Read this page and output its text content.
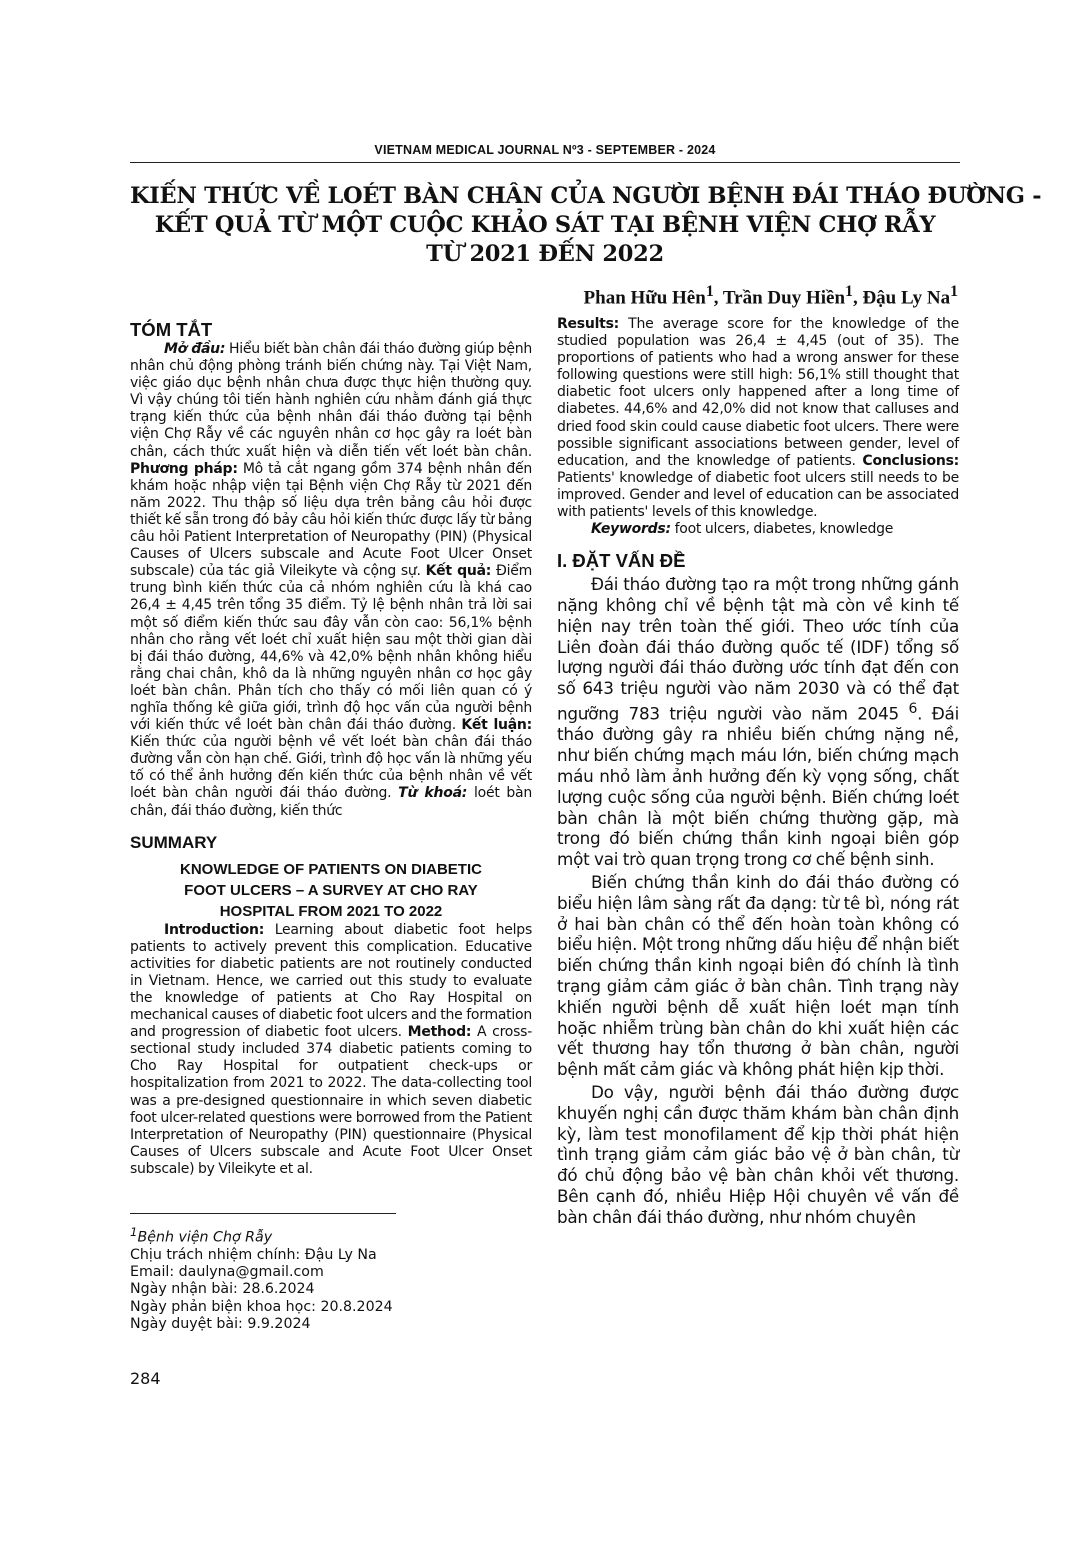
VIETNAM MEDICAL JOURNAL Nº3 - SEPTEMBER - 2024
KIẾN THỨC VỀ LOÉT BÀN CHÂN CỦA NGƯỜI BỆNH ĐÁI THÁO ĐƯỜNG -
KẾT QUẢ TỪ MỘT CUỘC KHẢO SÁT TẠI BỆNH VIỆN CHỢ RẪY
TỪ 2021 ĐẾN 2022
Phan Hữu Hên$^1$, Trần Duy Hiền$^1$, Đậu Ly Na$^1$
TÓM TẮT

Mở đầu: Hiểu biết bàn chân đái tháo đường giúp bệnh nhân chủ động phòng tránh biến chứng này. Tại Việt Nam, việc giáo dục bệnh nhân chưa được thực hiện thường quy. Vì vậy chúng tôi tiến hành nghiên cứu nhằm đánh giá thực trạng kiến thức của bệnh nhân đái tháo đường tại bệnh viện Chợ Rẫy về các nguyên nhân cơ học gây ra loét bàn chân, cách thức xuất hiện và diễn tiến vết loét bàn chân. Phương pháp: Mô tả cắt ngang gồm 374 bệnh nhân đến khám hoặc nhập viện tại Bệnh viện Chợ Rẫy từ 2021 đến năm 2022. Thu thập số liệu dựa trên bảng câu hỏi được thiết kế sẵn trong đó bảy câu hỏi kiến thức được lấy từ bảng câu hỏi Patient Interpretation of Neuropathy (PIN) (Physical Causes of Ulcers subscale and Acute Foot Ulcer Onset subscale) của tác giả Vileikyte và cộng sự. Kết quả: Điểm trung bình kiến thức của cả nhóm nghiên cứu là khá cao 26,4 ± 4,45 trên tổng 35 điểm. Tỷ lệ bệnh nhân trả lời sai một số điểm kiến thức sau đây vẫn còn cao: 56,1% bệnh nhân cho rằng vết loét chỉ xuất hiện sau một thời gian dài bị đái tháo đường, 44,6% và 42,0% bệnh nhân không hiểu rằng chai chân, khô da là những nguyên nhân cơ học gây loét bàn chân. Phân tích cho thấy có mối liên quan có ý nghĩa thống kê giữa giới, trình độ học vấn của người bệnh với kiến thức về loét bàn chân đái tháo đường. Kết luận: Kiến thức của người bệnh về vết loét bàn chân đái tháo đường vẫn còn hạn chế. Giới, trình độ học vấn là những yếu tố có thể ảnh hưởng đến kiến thức của bệnh nhân về vết loét bàn chân người đái tháo đường. Từ khoá: loét bàn chân, đái tháo đường, kiến thức

SUMMARY

KNOWLEDGE OF PATIENTS ON DIABETIC

FOOT ULCERS – A SURVEY AT CHO RAY

HOSPITAL FROM 2021 TO 2022

Introduction: Learning about diabetic foot helps patients to actively prevent this complication. Educative activities for diabetic patients are not routinely conducted in Vietnam. Hence, we carried out this study to evaluate the knowledge of patients at Cho Ray Hospital on mechanical causes of diabetic foot ulcers and the formation and progression of diabetic foot ulcers. Method: A cross-sectional study included 374 diabetic patients coming to Cho Ray Hospital for outpatient check-ups or hospitalization from 2021 to 2022. The data-collecting tool was a pre-designed questionnaire in which seven diabetic foot ulcer-related questions were borrowed from the Patient Interpretation of Neuropathy (PIN) questionnaire (Physical Causes of Ulcers subscale and Acute Foot Ulcer Onset subscale) by Vileikyte et al.

Results: The average score for the knowledge of the studied population was 26,4 ± 4,45 (out of 35). The proportions of patients who had a wrong answer for these following questions were still high: 56,1% still thought that diabetic foot ulcers only happened after a long time of diabetes. 44,6% and 42,0% did not know that calluses and dried food skin could cause diabetic foot ulcers. There were possible significant associations between gender, level of education, and the knowledge of patients. Conclusions: Patients' knowledge of diabetic foot ulcers still needs to be improved. Gender and level of education can be associated with patients' levels of this knowledge.

Keywords: foot ulcers, diabetes, knowledge

I. ĐẶT VẤN ĐỀ

Đái tháo đường tạo ra một trong những gánh nặng không chỉ về bệnh tật mà còn về kinh tế hiện nay trên toàn thế giới. Theo ước tính của Liên đoàn đái tháo đường quốc tế (IDF) tổng số lượng người đái tháo đường ước tính đạt đến con số 643 triệu người vào năm 2030 và có thể đạt ngưỡng 783 triệu người vào năm 2045 $^6$. Đái tháo đường gây ra nhiều biến chứng nặng nề, như biến chứng mạch máu lớn, biến chứng mạch máu nhỏ làm ảnh hưởng đến kỳ vọng sống, chất lượng cuộc sống của người bệnh. Biến chứng loét bàn chân là một biến chứng thường gặp, mà trong đó biến chứng thần kinh ngoại biên góp một vai trò quan trọng trong cơ chế bệnh sinh.

Biến chứng thần kinh do đái tháo đường có biểu hiện lâm sàng rất đa dạng: từ tê bì, nóng rát ở hai bàn chân có thể đến hoàn toàn không có biểu hiện. Một trong những dấu hiệu để nhận biết biến chứng thần kinh ngoại biên đó chính là tình trạng giảm cảm giác ở bàn chân. Tình trạng này khiến người bệnh dễ xuất hiện loét mạn tính hoặc nhiễm trùng bàn chân do khi xuất hiện các vết thương hay tổn thương ở bàn chân, người bệnh mất cảm giác và không phát hiện kịp thời.

Do vậy, người bệnh đái tháo đường được khuyến nghị cần được thăm khám bàn chân định kỳ, làm test monofilament để kịp thời phát hiện tình trạng giảm cảm giác bảo vệ ở bàn chân, từ đó chủ động bảo vệ bàn chân khỏi vết thương. Bên cạnh đó, nhiều Hiệp Hội chuyên về vấn đề bàn chân đái tháo đường, như nhóm chuyên

$^1$Bệnh viện Chợ Rẫy
Chịu trách nhiệm chính: Đậu Ly Na
Email: daulyna@gmail.com
Ngày nhận bài: 28.6.2024
Ngày phản biện khoa học: 20.8.2024
Ngày duyệt bài: 9.9.2024
284
